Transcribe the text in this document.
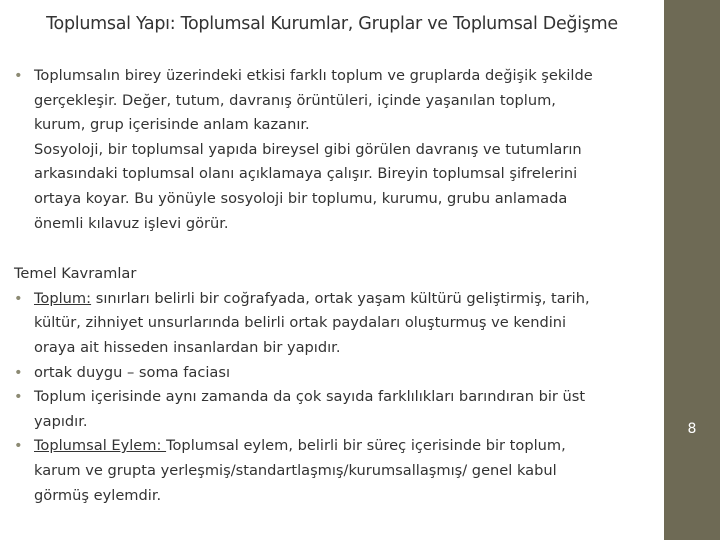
Toplumsal Yapı: Toplumsal Kurumlar, Gruplar ve Toplumsal Değişme
• Toplumsalın birey üzerindeki etkisi farklı toplum ve gruplarda değişik şekilde
gerçekleşir. Değer, tutum, davranış örüntüleri, içinde yaşanılan toplum,
kurum, grup içerisinde anlam kazanır.
Sosyoloji, bir toplumsal yapıda bireysel gibi görülen davranış ve tutumların
arkasındaki toplumsal olanı açıklamaya çalışır. Bireyin toplumsal şifrelerini
ortaya koyar. Bu yönüyle sosyoloji bir toplumu, kurumu, grubu anlamada
önemli kılavuz işlevi görür.
Temel Kavramlar
• Toplum: sınırları belirli bir coğrafyada, ortak yaşam kültürü geliştirmiş, tarih,
kültür, zihniyet unsurlarında belirli ortak paydaları oluşturmuş ve kendini
oraya ait hisseden insanlardan bir yapıdır.
• ortak duygu – soma faciası
• Toplum içerisinde aynı zamanda da çok sayıda farklılıkları barındıran bir üst
yapıdır.
• Toplumsal Eylem: Toplumsal eylem, belirli bir süreç içerisinde bir toplum,
karum ve grupta yerleşmiş/standartlaşmış/kurumsallaşmış/ genel kabul
görmüş eylemdir.
{ 8 }
